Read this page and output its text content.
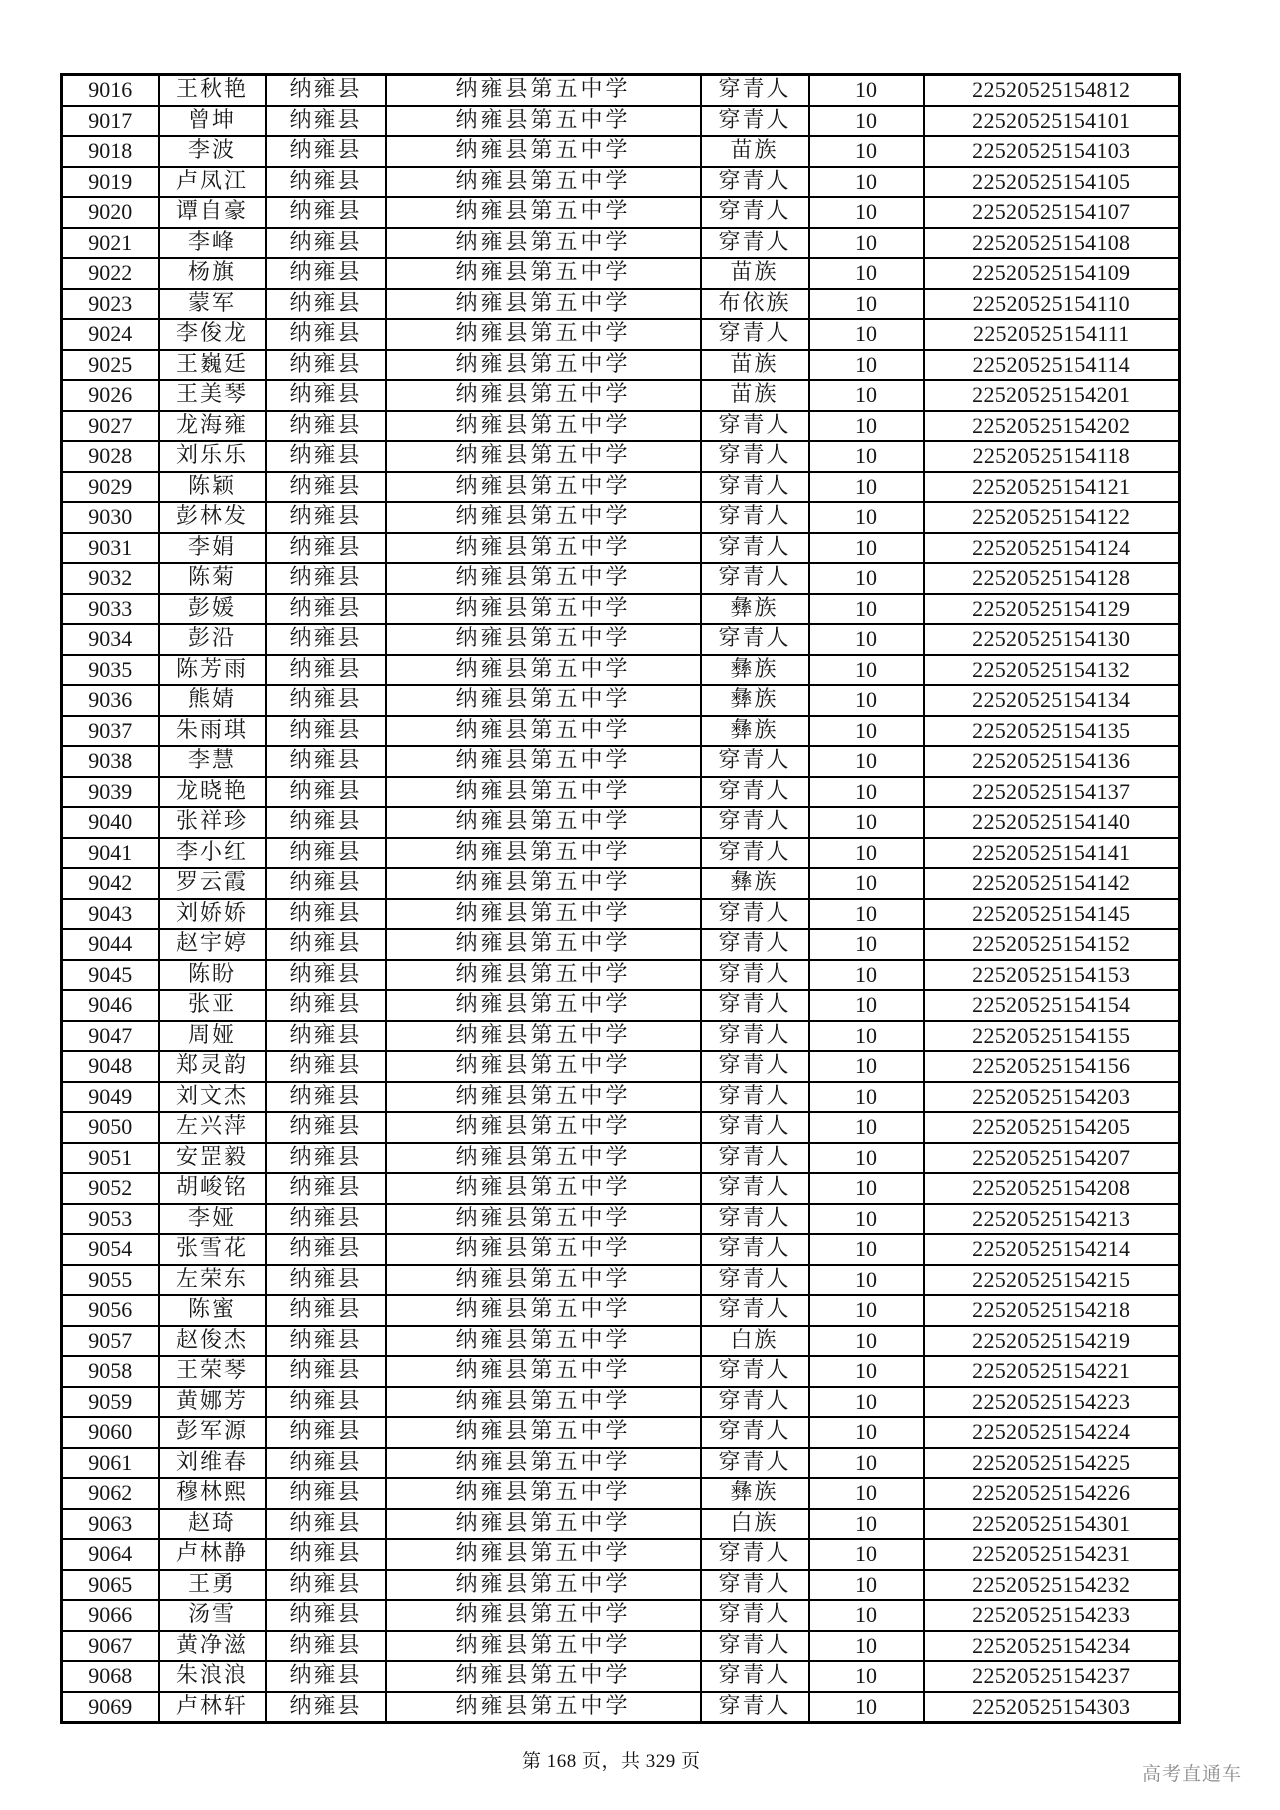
9016	王秋艳	纳雍县	纳雍县第五中学	穿青人	10	22520525154812
9017	曾坤	纳雍县	纳雍县第五中学	穿青人	10	22520525154101
9018	李波	纳雍县	纳雍县第五中学	苗族	10	22520525154103
9019	卢凤江	纳雍县	纳雍县第五中学	穿青人	10	22520525154105
9020	谭自豪	纳雍县	纳雍县第五中学	穿青人	10	22520525154107
9021	李峰	纳雍县	纳雍县第五中学	穿青人	10	22520525154108
9022	杨旗	纳雍县	纳雍县第五中学	苗族	10	22520525154109
9023	蒙军	纳雍县	纳雍县第五中学	布依族	10	22520525154110
9024	李俊龙	纳雍县	纳雍县第五中学	穿青人	10	22520525154111
9025	王巍廷	纳雍县	纳雍县第五中学	苗族	10	22520525154114
9026	王美琴	纳雍县	纳雍县第五中学	苗族	10	22520525154201
9027	龙海雍	纳雍县	纳雍县第五中学	穿青人	10	22520525154202
9028	刘乐乐	纳雍县	纳雍县第五中学	穿青人	10	22520525154118
9029	陈颖	纳雍县	纳雍县第五中学	穿青人	10	22520525154121
9030	彭林发	纳雍县	纳雍县第五中学	穿青人	10	22520525154122
9031	李娟	纳雍县	纳雍县第五中学	穿青人	10	22520525154124
9032	陈菊	纳雍县	纳雍县第五中学	穿青人	10	22520525154128
9033	彭媛	纳雍县	纳雍县第五中学	彝族	10	22520525154129
9034	彭沿	纳雍县	纳雍县第五中学	穿青人	10	22520525154130
9035	陈芳雨	纳雍县	纳雍县第五中学	彝族	10	22520525154132
9036	熊婧	纳雍县	纳雍县第五中学	彝族	10	22520525154134
9037	朱雨琪	纳雍县	纳雍县第五中学	彝族	10	22520525154135
9038	李慧	纳雍县	纳雍县第五中学	穿青人	10	22520525154136
9039	龙晓艳	纳雍县	纳雍县第五中学	穿青人	10	22520525154137
9040	张祥珍	纳雍县	纳雍县第五中学	穿青人	10	22520525154140
9041	李小红	纳雍县	纳雍县第五中学	穿青人	10	22520525154141
9042	罗云霞	纳雍县	纳雍县第五中学	彝族	10	22520525154142
9043	刘娇娇	纳雍县	纳雍县第五中学	穿青人	10	22520525154145
9044	赵宇婷	纳雍县	纳雍县第五中学	穿青人	10	22520525154152
9045	陈盼	纳雍县	纳雍县第五中学	穿青人	10	22520525154153
9046	张亚	纳雍县	纳雍县第五中学	穿青人	10	22520525154154
9047	周娅	纳雍县	纳雍县第五中学	穿青人	10	22520525154155
9048	郑灵韵	纳雍县	纳雍县第五中学	穿青人	10	22520525154156
9049	刘文杰	纳雍县	纳雍县第五中学	穿青人	10	22520525154203
9050	左兴萍	纳雍县	纳雍县第五中学	穿青人	10	22520525154205
9051	安罡毅	纳雍县	纳雍县第五中学	穿青人	10	22520525154207
9052	胡峻铭	纳雍县	纳雍县第五中学	穿青人	10	22520525154208
9053	李娅	纳雍县	纳雍县第五中学	穿青人	10	22520525154213
9054	张雪花	纳雍县	纳雍县第五中学	穿青人	10	22520525154214
9055	左荣东	纳雍县	纳雍县第五中学	穿青人	10	22520525154215
9056	陈蜜	纳雍县	纳雍县第五中学	穿青人	10	22520525154218
9057	赵俊杰	纳雍县	纳雍县第五中学	白族	10	22520525154219
9058	王荣琴	纳雍县	纳雍县第五中学	穿青人	10	22520525154221
9059	黄娜芳	纳雍县	纳雍县第五中学	穿青人	10	22520525154223
9060	彭军源	纳雍县	纳雍县第五中学	穿青人	10	22520525154224
9061	刘维春	纳雍县	纳雍县第五中学	穿青人	10	22520525154225
9062	穆林熙	纳雍县	纳雍县第五中学	彝族	10	22520525154226
9063	赵琦	纳雍县	纳雍县第五中学	白族	10	22520525154301
9064	卢林静	纳雍县	纳雍县第五中学	穿青人	10	22520525154231
9065	王勇	纳雍县	纳雍县第五中学	穿青人	10	22520525154232
9066	汤雪	纳雍县	纳雍县第五中学	穿青人	10	22520525154233
9067	黄净滋	纳雍县	纳雍县第五中学	穿青人	10	22520525154234
9068	朱浪浪	纳雍县	纳雍县第五中学	穿青人	10	22520525154237
9069	卢林轩	纳雍县	纳雍县第五中学	穿青人	10	22520525154303
第 168 页，共 329 页
高考直通车
